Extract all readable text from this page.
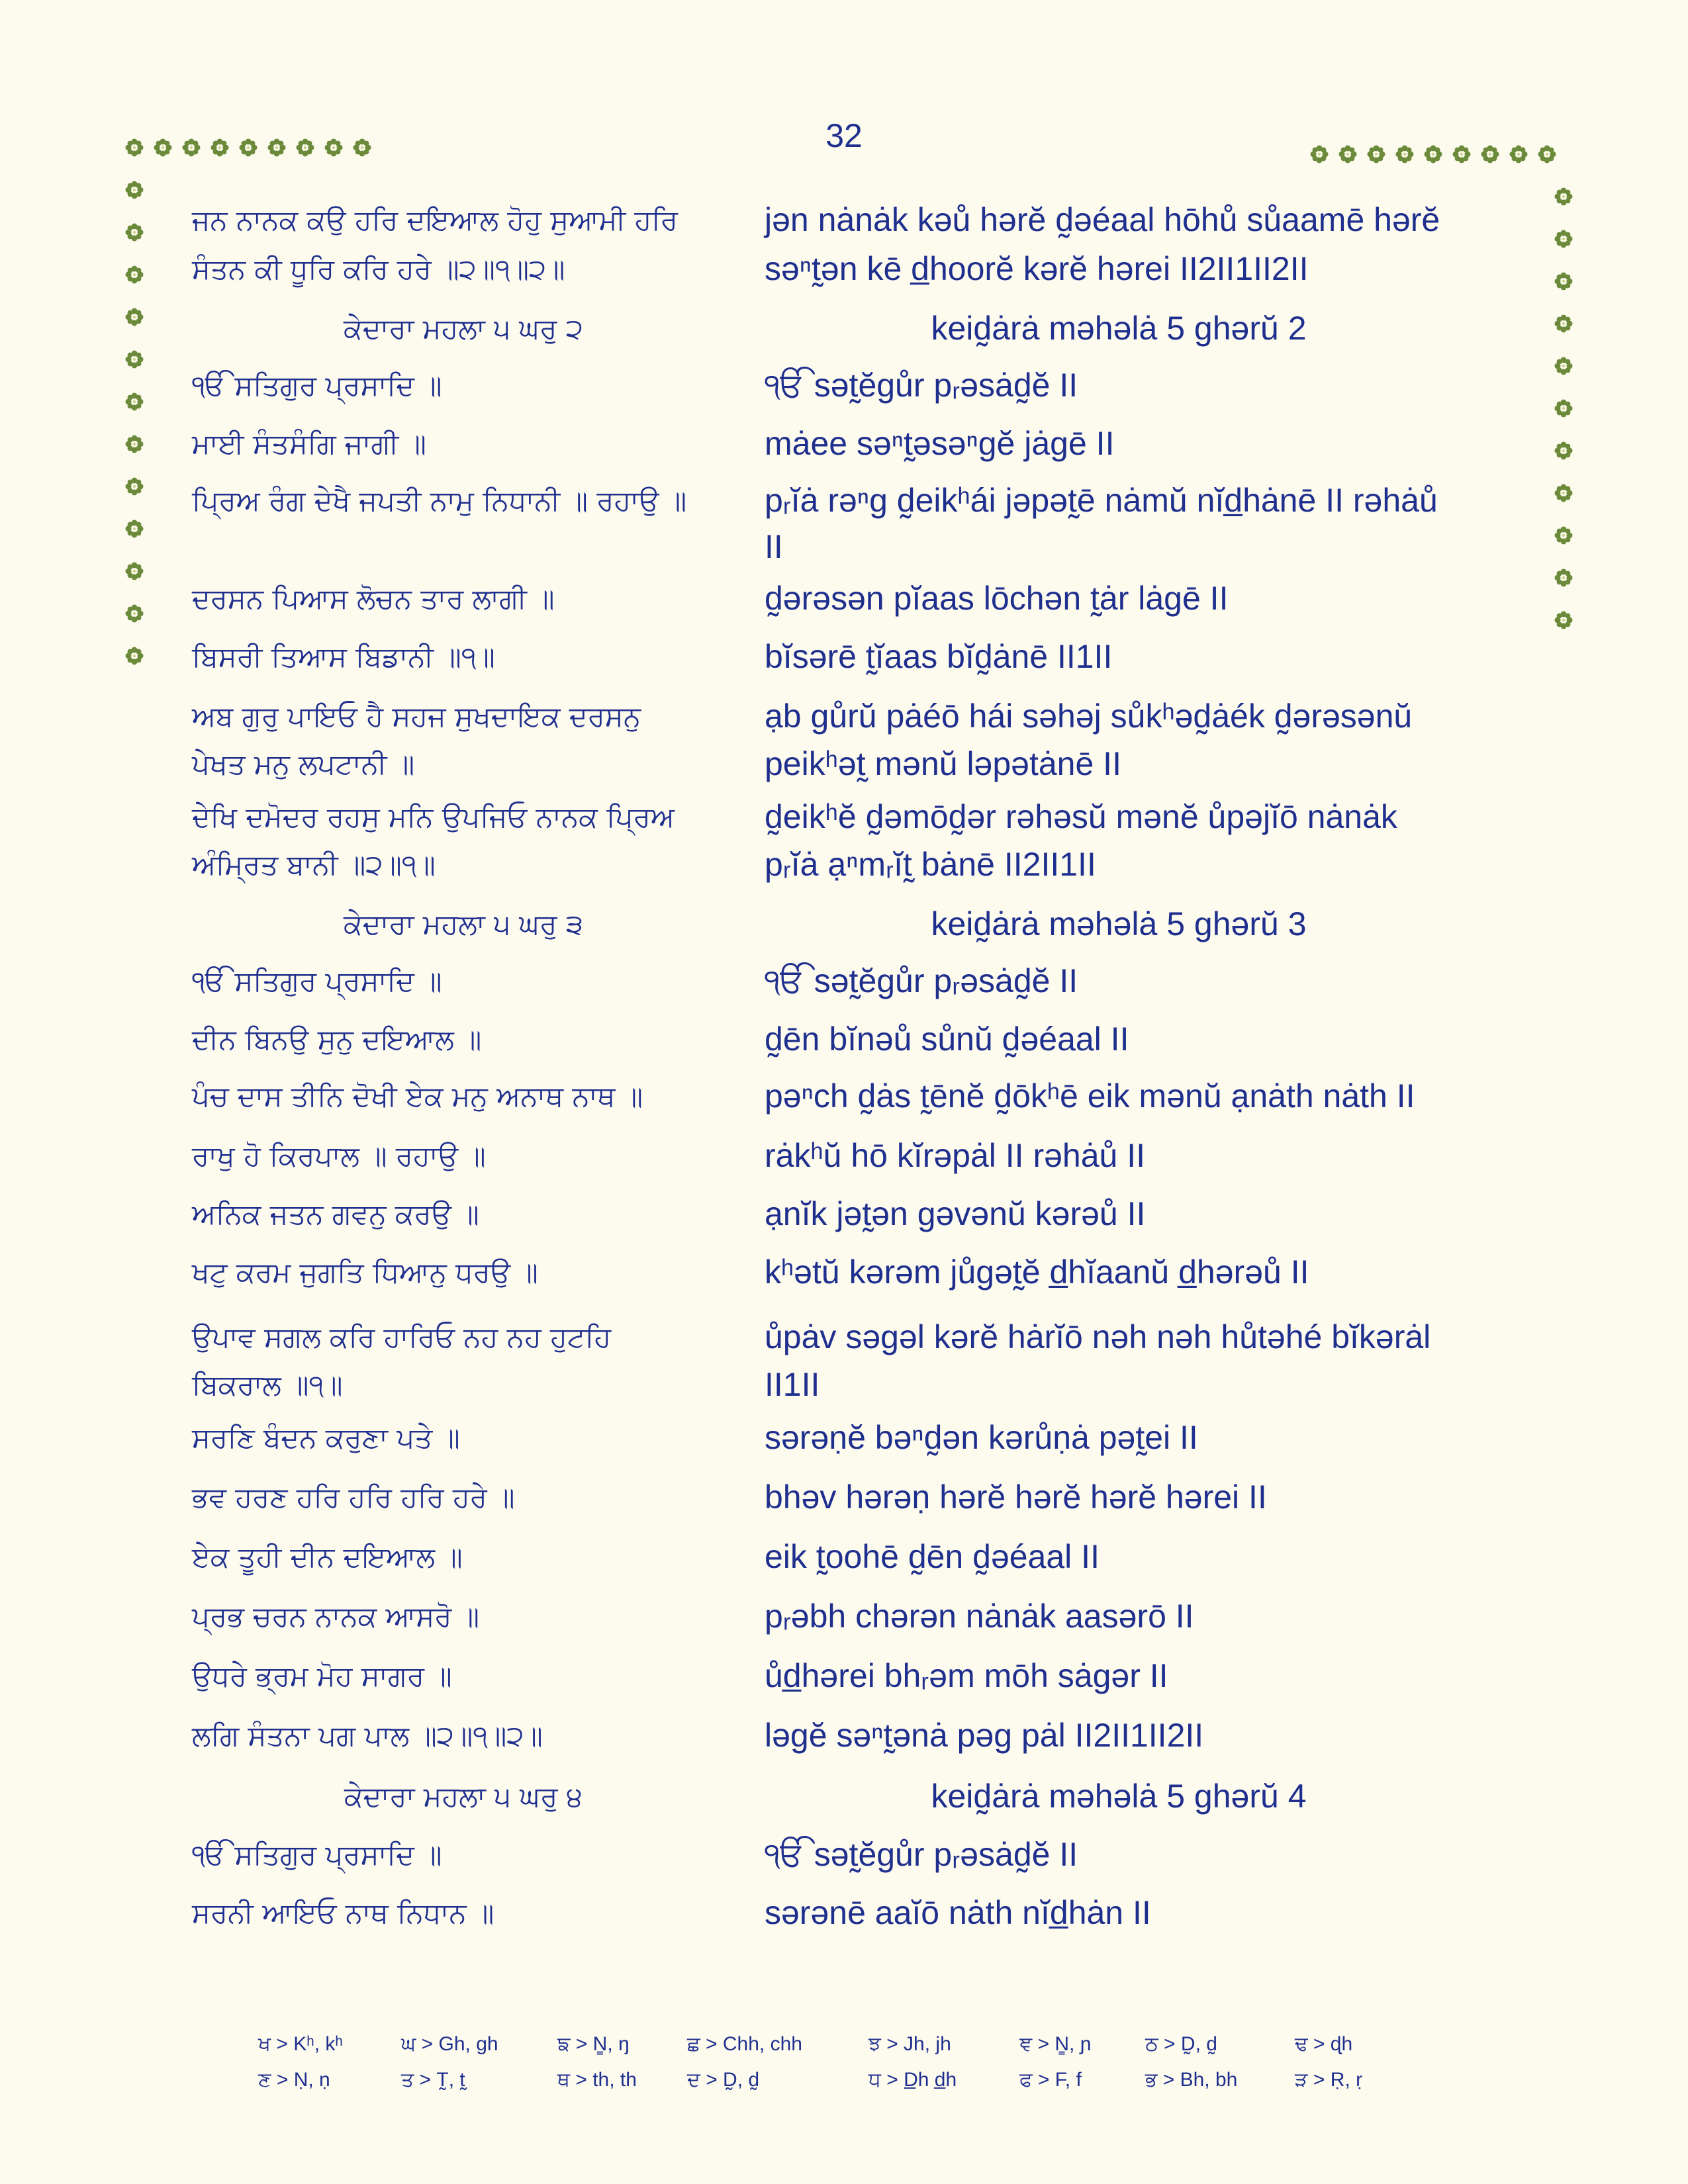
32
ਜਨ ਨਾਨਕ ਕਉ ਹਰਿ ਦਇਆਲ ਹੋਹੁ ਸੁਆਮੀ ਹਰਿ	jən nȧnȧk kəů hərĕ d̰əéaal hōhů sůaamē hərĕ
ਸੰਤਨ ਕੀ ਧੂਰਿ ਕਰਿ ਹਰੇ ॥੨॥੧॥੨॥	səⁿt̰ən kē d̲hoorĕ kərĕ hərei II2II1II2II
ਕੇਦਾਰਾ ਮਹਲਾ ੫ ਘਰੁ ੨	keid̰ȧrȧ məhəlȧ 5 ghərŭ 2
ੴ ਸਤਿਗੁਰ ਪ੍ਰਸਾਦਿ ॥	ੴ sət̰ĕgůr pᵣəsȧd̰ĕ II
ਮਾਈ ਸੰਤਸੰਗਿ ਜਾਗੀ ॥	mȧee səⁿt̰əsəⁿgĕ jȧgē II
ਪ੍ਰਿਅ ਰੰਗ ਦੇਖੈ ਜਪਤੀ ਨਾਮੁ ਨਿਧਾਨੀ ॥ ਰਹਾਉ ॥	pᵣĭȧ rəⁿg d̰eikʰái jəpət̰ē nȧmŭ nĭd̲hȧnē II rəhȧů
II
ਦਰਸਨ ਪਿਆਸ ਲੋਚਨ ਤਾਰ ਲਾਗੀ ॥	d̰ərəsən pĭaas lōchən t̰ȧr lȧgē II
ਬਿਸਰੀ ਤਿਆਸ ਬਿਡਾਨੀ ॥੧॥	bĭsərē t̰ĭaas bĭd̰ȧnē II1II
ਅਬ ਗੁਰੁ ਪਾਇਓ ਹੈ ਸਹਜ ਸੁਖਦਾਇਕ ਦਰਸਨੁ	ạb gůrŭ pȧéō hái səhəj sůkʰəd̰ȧék d̰ərəsənŭ
ਪੇਖਤ ਮਨੁ ਲਪਟਾਨੀ ॥	peikʰət̰ mənŭ ləpətȧnē II
ਦੇਖਿ ਦਮੋਦਰ ਰਹਸੁ ਮਨਿ ਉਪਜਿਓ ਨਾਨਕ ਪ੍ਰਿਅ	d̰eikʰĕ d̰əmōd̰ər rəhəsŭ mənĕ ůpəjĭō nȧnȧk
ਅੰਮ੍ਰਿਤ ਬਾਨੀ ॥੨॥੧॥	pᵣĭȧ ạⁿmᵣĭt̰ bȧnē II2II1II
ਕੇਦਾਰਾ ਮਹਲਾ ੫ ਘਰੁ ੩	keid̰ȧrȧ məhəlȧ 5 ghərŭ 3
ੴ ਸਤਿਗੁਰ ਪ੍ਰਸਾਦਿ ॥	ੴ sət̰ĕgůr pᵣəsȧd̰ĕ II
ਦੀਨ ਬਿਨਉ ਸੁਨੁ ਦਇਆਲ ॥	d̰ēn bĭnəů sůnŭ d̰əéaal II
ਪੰਚ ਦਾਸ ਤੀਨਿ ਦੋਖੀ ਏਕ ਮਨੁ ਅਨਾਥ ਨਾਥ ॥	pəⁿch d̰ȧs t̰ēnĕ d̰ōkʰē eik mənŭ ạnȧth nȧth II
ਰਾਖੁ ਹੋ ਕਿਰਪਾਲ ॥ ਰਹਾਉ ॥	rȧkʰŭ hō kĭrəpȧl II rəhȧů II
ਅਨਿਕ ਜਤਨ ਗਵਨੁ ਕਰਉ ॥	ạnĭk jət̰ən gəvənŭ kərəů II
ਖਟੁ ਕਰਮ ਜੁਗਤਿ ਧਿਆਨੁ ਧਰਉ ॥	kʰətŭ kərəm jůgət̰ĕ d̲hĭaanŭ d̲hərəů II
ਉਪਾਵ ਸਗਲ ਕਰਿ ਹਾਰਿਓ ਨਹ ਨਹ ਹੁਟਹਿ	ůpȧv səgəl kərĕ hȧrĭō nəh nəh hůtəhé bĭkərȧl
ਬਿਕਰਾਲ ॥੧॥	II1II
ਸਰਣਿ ਬੰਦਨ ਕਰੁਣਾ ਪਤੇ ॥	sərəṇĕ bəⁿd̰ən kərůṇȧ pət̰ei II
ਭਵ ਹਰਣ ਹਰਿ ਹਰਿ ਹਰਿ ਹਰੇ ॥	bhəv hərəṇ hərĕ hərĕ hərĕ hərei II
ਏਕ ਤੂਹੀ ਦੀਨ ਦਇਆਲ ॥	eik t̰oohē d̰ēn d̰əéaal II
ਪ੍ਰਭ ਚਰਨ ਨਾਨਕ ਆਸਰੋ ॥	pᵣəbh chərən nȧnȧk aasərō II
ਉਧਰੇ ਭ੍ਰਮ ਮੋਹ ਸਾਗਰ ॥	ůd̲hərei bhᵣəm mōh sȧgər II
ਲਗਿ ਸੰਤਨਾ ਪਗ ਪਾਲ ॥੨॥੧॥੨॥	ləgĕ səⁿt̰ənȧ pəg pȧl II2II1II2II
ਕੇਦਾਰਾ ਮਹਲਾ ੫ ਘਰੁ ੪	keid̰ȧrȧ məhəlȧ 5 ghərŭ 4
ੴ ਸਤਿਗੁਰ ਪ੍ਰਸਾਦਿ ॥	ੴ sət̰ĕgůr pᵣəsȧd̰ĕ II
ਸਰਨੀ ਆਇਓ ਨਾਥ ਨਿਧਾਨ ॥	sərənē aaĭō nȧth nĭd̲hȧn II
ਖ > Kʰ, kʰ	ਘ > Gh, gh	ਙ > N̳, ŋ	ਛ > Chh, chh	ਝ > Jh, jh	ਞ > N̳, ɲ	ਠ > D̰, d̰	ਢ > ɖh
ਣ > Ṇ, ṇ	ਤ > T̰, t̰	ਥ > th, th	ਦ > D̰, d̰	ਧ > D̲h d̲h	ਫ > F, f	ਭ > Bh, bh	ੜ > Ṛ, ṛ
